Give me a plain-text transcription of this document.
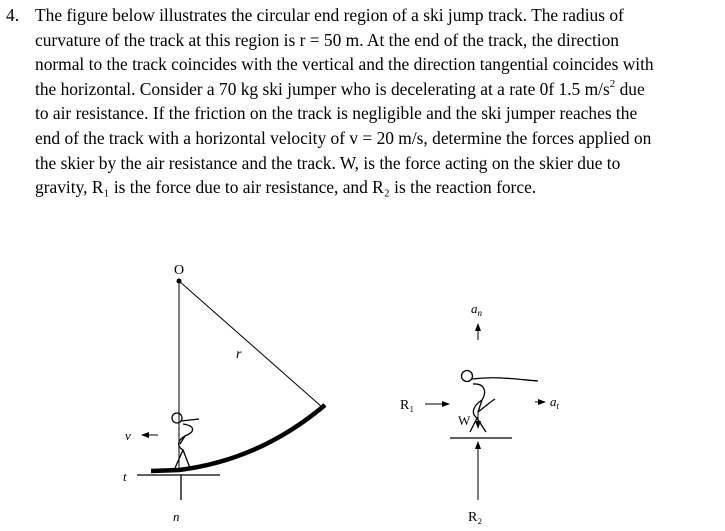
4. The figure below illustrates the circular end region of a ski jump track. The radius of
curvature of the track at this region is r = 50 m. At the end of the track, the direction
normal to the track coincides with the vertical and the direction tangential coincides with
the horizontal. Consider a 70 kg ski jumper who is decelerating at a rate 0f 1.5 $m/s^2$ due
to air resistance. If the friction on the track is negligible and the ski jumper reaches the
end of the track with a horizontal velocity of v = 20 m/s, determine the forces applied on
the skier by the air resistance and the track. W, is the force acting on the skier due to
gravity, R₁ is the force due to air resistance, and R₂ is the reaction force.
O
r
v
t
n
$a_n$
R₁
W
R₂
$a_t$
